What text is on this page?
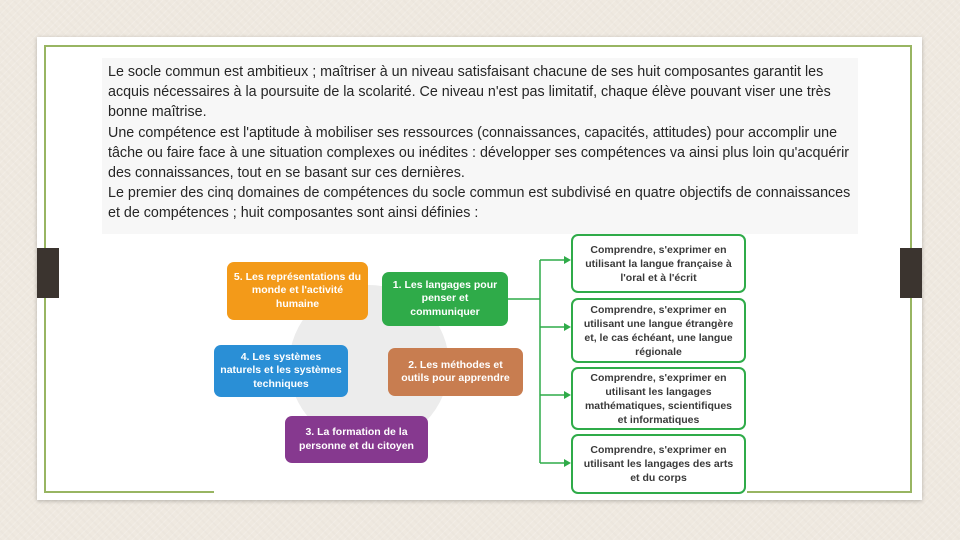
Le socle commun est ambitieux ; maîtriser à un niveau satisfaisant chacune de ses huit composantes garantit les acquis nécessaires à la poursuite de la scolarité. Ce niveau n'est pas limitatif, chaque élève pouvant viser une très bonne maîtrise.

Une compétence est l'aptitude à mobiliser ses ressources (connaissances, capacités, attitudes) pour accomplir une tâche ou faire face à une situation complexes ou inédites : développer ses compétences va ainsi plus loin qu'acquérir des connaissances, tout en se basant sur ces dernières.

Le premier des cinq domaines de compétences du socle commun est subdivisé en quatre objectifs de connaissances et de compétences ; huit composantes sont ainsi définies :

5. Les représentations du monde et l'activité humaine
1. Les langages pour penser et communiquer
4. Les systèmes naturels et les systèmes techniques
2. Les méthodes et outils pour apprendre
3. La formation de la personne et du citoyen
Comprendre, s'exprimer en utilisant la langue française à l'oral et à l'écrit
Comprendre, s'exprimer en utilisant une langue étrangère et, le cas échéant, une langue régionale
Comprendre, s'exprimer en utilisant les langages mathématiques, scientifiques et informatiques
Comprendre, s'exprimer en utilisant les langages des arts et du corps
